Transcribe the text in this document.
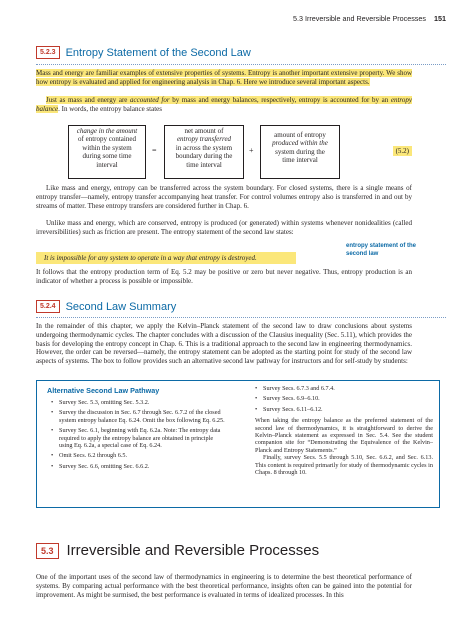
5.3 Irreversible and Reversible Processes 151
5.2.3 Entropy Statement of the Second Law
Mass and energy are familiar examples of extensive properties of systems. Entropy is another important extensive property. We show how entropy is evaluated and applied for engineering analysis in Chap. 6. Here we introduce several important aspects.
Just as mass and energy are accounted for by mass and energy balances, respectively, entropy is accounted for by an entropy balance. In words, the entropy balance states
change in the amount
of entropy contained
within the system
during some time
interval
=
net amount of
entropy transferred
in across the system
boundary during the
time interval
+
amount of entropy
produced within the
system during the
time interval
(5.2)
Like mass and energy, entropy can be transferred across the system boundary. For closed systems, there is a single means of entropy transfer—namely, entropy transfer accompanying heat transfer. For control volumes entropy also is transferred in and out by streams of matter. These entropy transfers are considered further in Chap. 6.
Unlike mass and energy, which are conserved, entropy is produced (or generated) within systems whenever nonidealities (called irreversibilities) such as friction are present. The entropy statement of the second law states:
It is impossible for any system to operate in a way that entropy is destroyed.
entropy statement of the second law
It follows that the entropy production term of Eq. 5.2 may be positive or zero but never negative. Thus, entropy production is an indicator of whether a process is possible or impossible.
5.2.4 Second Law Summary
In the remainder of this chapter, we apply the Kelvin–Planck statement of the second law to draw conclusions about systems undergoing thermodynamic cycles. The chapter concludes with a discussion of the Clausius inequality (Sec. 5.11), which provides the basis for developing the entropy concept in Chap. 6. This is a traditional approach to the second law in engineering thermodynamics. However, the order can be reversed—namely, the entropy statement can be adopted as the starting point for study of the second law aspects of systems. The box to follow provides such an alternative second law pathway for instructors and for self-study by students:
Alternative Second Law Pathway
• Survey Sec. 5.3, omitting Sec. 5.3.2.
• Survey the discussion in Sec. 6.7 through Sec. 6.7.2 of the closed system entropy balance Eq. 6.24. Omit the box following Eq. 6.25.
• Survey Sec. 6.1, beginning with Eq. 6.2a. Note: The entropy data required to apply the entropy balance are obtained in principle using Eq. 6.2a, a special case of Eq. 6.24.
• Omit Secs. 6.2 through 6.5.
• Survey Sec. 6.6, omitting Sec. 6.6.2.
• Survey Secs. 6.7.3 and 6.7.4.
• Survey Secs. 6.9–6.10.
• Survey Secs. 6.11–6.12.
When taking the entropy balance as the preferred statement of the second law of thermodynamics, it is straightforward to derive the Kelvin–Planck statement as expressed in Sec. 5.4. See the student companion site for “Demonstrating the Equivalence of the Kelvin–Planck and Entropy Statements.”
Finally, survey Secs. 5.5 through 5.10, Sec. 6.6.2, and Sec. 6.13. This content is required primarily for study of thermodynamic cycles in Chaps. 8 through 10.
5.3 Irreversible and Reversible Processes
One of the important uses of the second law of thermodynamics in engineering is to determine the best theoretical performance of systems. By comparing actual performance with the best theoretical performance, insights often can be gained into the potential for improvement. As might be surmised, the best performance is evaluated in terms of idealized processes. In this
